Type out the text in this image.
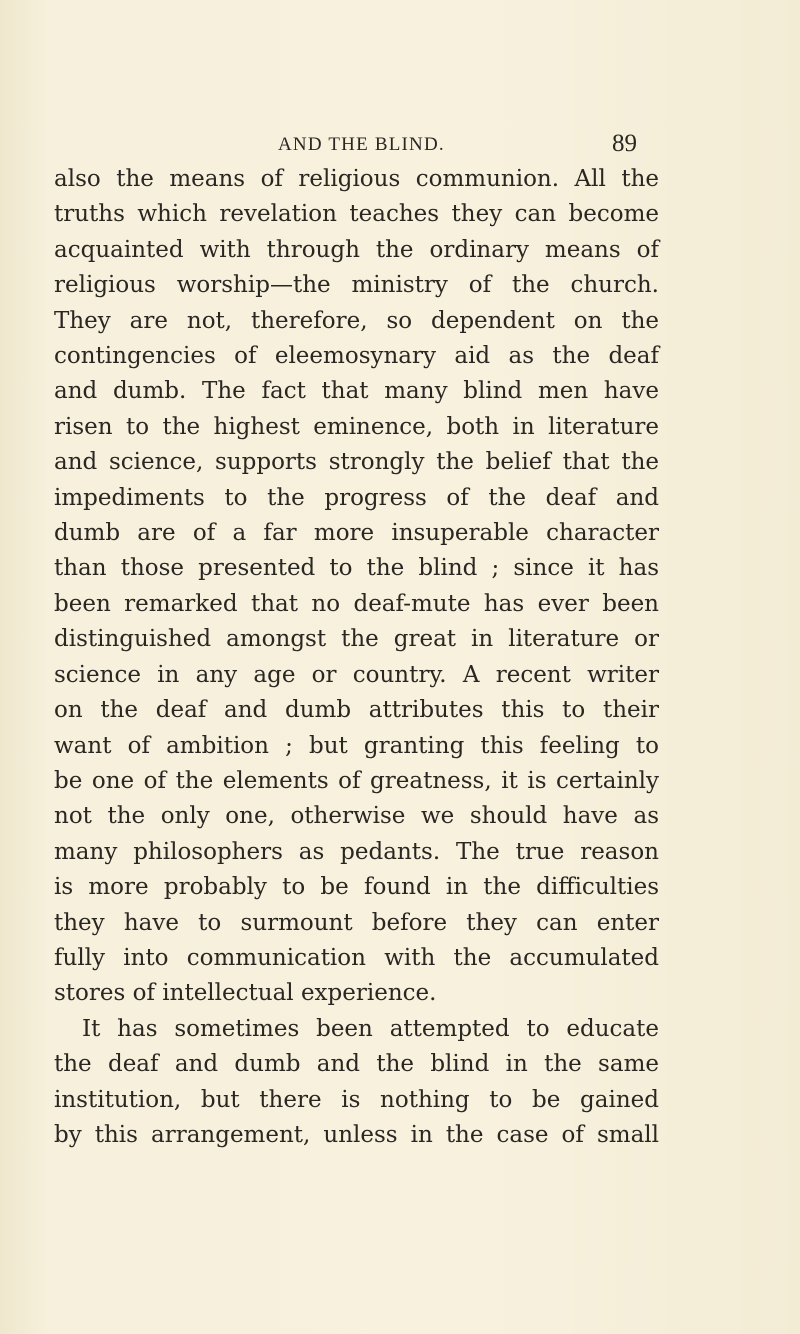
AND THE BLIND.	89
also the means of religious communion. All the
truths which revelation teaches they can become
acquainted with through the ordinary means of
religious worship—the ministry of the church.
They are not, therefore, so dependent on the
contingencies of eleemosynary aid as the deaf
and dumb. The fact that many blind men have
risen to the highest eminence, both in literature
and science, supports strongly the belief that the
impediments to the progress of the deaf and
dumb are of a far more insuperable character
than those presented to the blind ; since it has
been remarked that no deaf-mute has ever been
distinguished amongst the great in literature or
science in any age or country. A recent writer
on the deaf and dumb attributes this to their
want of ambition ; but granting this feeling to
be one of the elements of greatness, it is certainly
not the only one, otherwise we should have as
many philosophers as pedants. The true reason
is more probably to be found in the difficulties
they have to surmount before they can enter
fully into communication with the accumulated
stores of intellectual experience.
It has sometimes been attempted to educate
the deaf and dumb and the blind in the same
institution, but there is nothing to be gained
by this arrangement, unless in the case of small
